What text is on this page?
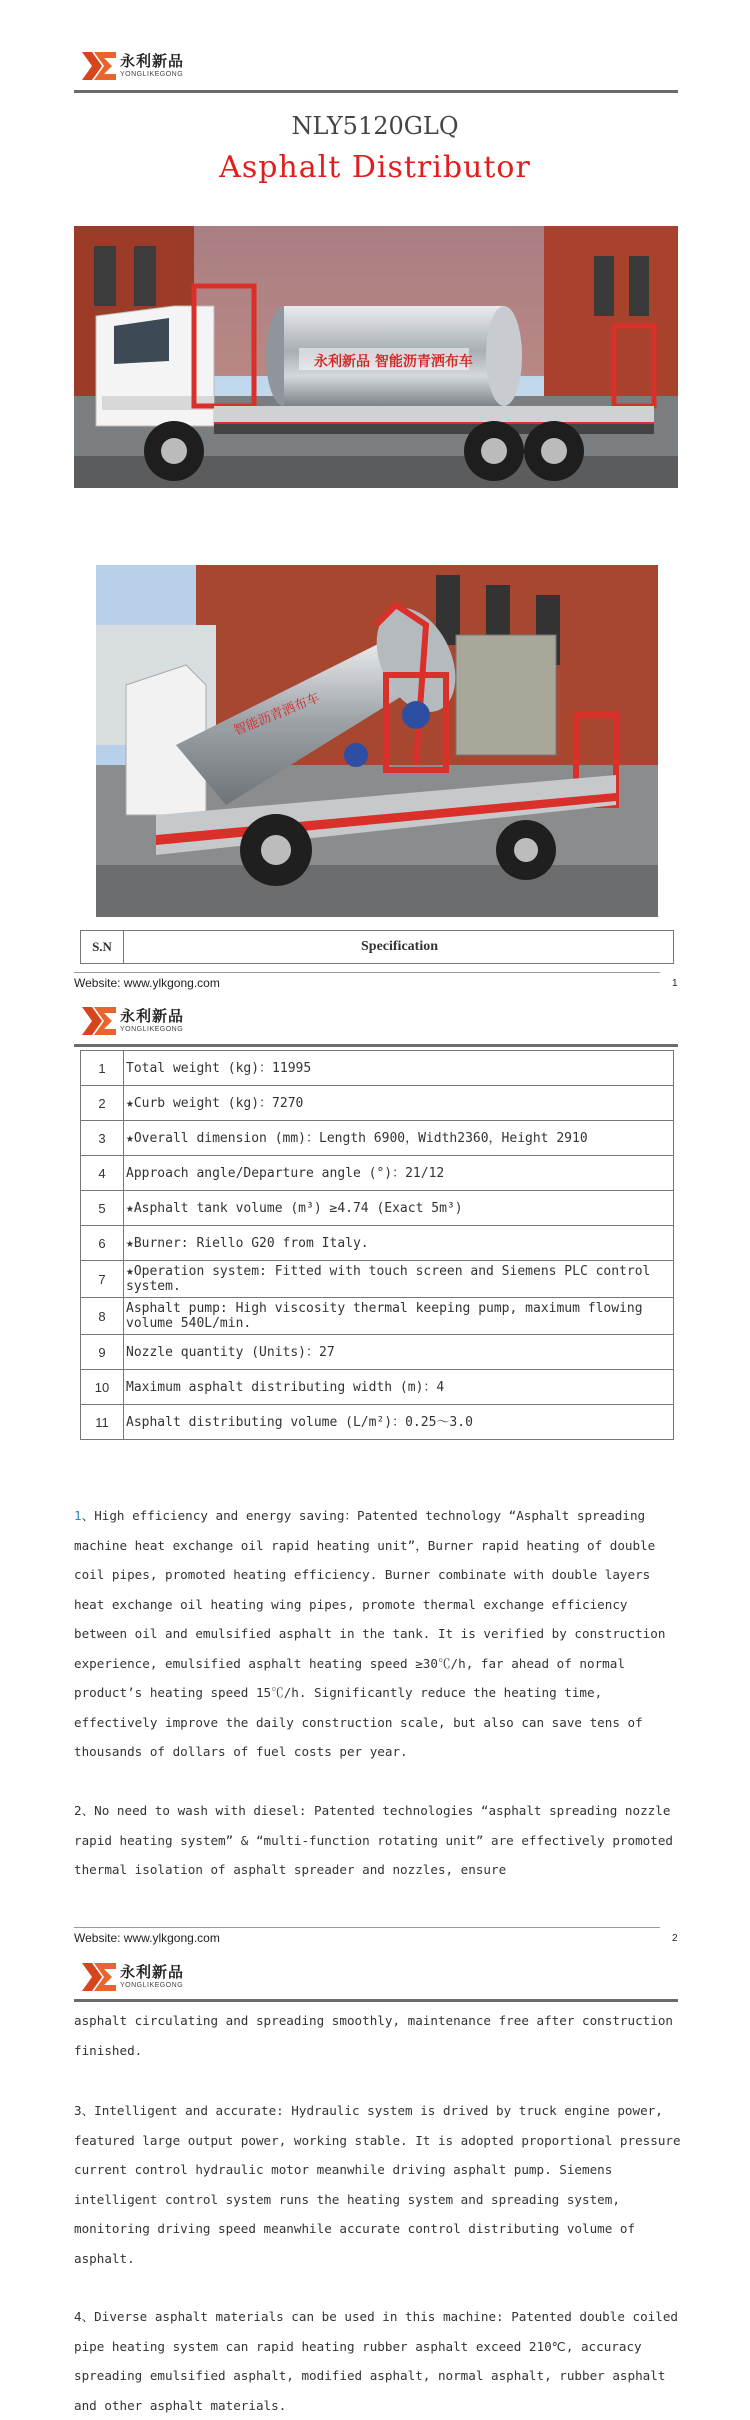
永利新品
YONGLIKEGONG
NLY5120GLQ
Asphalt Distributor
永利新品 智能沥青洒布车
智能沥青洒布车
S.N	Specification
Website: www.ylkgong.com	1
永利新品
YONGLIKEGONG
1	Total weight (kg)：11995
2	★Curb weight (kg)：7270
3	★Overall dimension (mm)：Length 6900，Width2360，Height 2910
4	Approach angle/Departure angle (°)：21/12
5	★Asphalt tank volume (m³) ≥4.74 (Exact 5m³)
6	★Burner: Riello G20 from Italy.
7	★Operation system: Fitted with touch screen and Siemens PLC control system.
8	Asphalt pump: High viscosity thermal keeping pump, maximum flowing volume 540L/min.
9	Nozzle quantity (Units)：27
10	Maximum asphalt distributing width (m)：4
11	Asphalt distributing volume (L/m²)：0.25～3.0

1、High efficiency and energy saving：Patented technology “Asphalt spreading machine heat exchange oil rapid heating unit”，Burner rapid heating of double coil pipes, promoted heating efficiency. Burner combinate with double layers heat exchange oil heating wing pipes, promote thermal exchange efficiency between oil and emulsified asphalt in the tank. It is verified by construction experience, emulsified asphalt heating speed ≥30℃/h, far ahead of normal product’s heating speed 15℃/h. Significantly reduce the heating time, effectively improve the daily construction scale, but also can save tens of thousands of dollars of fuel costs per year.

2、No need to wash with diesel: Patented technologies “asphalt spreading nozzle rapid heating system” & “multi-function rotating unit” are effectively promoted thermal isolation of asphalt spreader and nozzles, ensure

Website: www.ylkgong.com	2
永利新品
YONGLIKEGONG

asphalt circulating and spreading smoothly, maintenance free after construction finished.

3、Intelligent and accurate: Hydraulic system is drived by truck engine power, featured large output power, working stable. It is adopted proportional pressure current control hydraulic motor meanwhile driving asphalt pump. Siemens intelligent control system runs the heating system and spreading system, monitoring driving speed meanwhile accurate control distributing volume of asphalt.

4、Diverse asphalt materials can be used in this machine: Patented double coiled pipe heating system can rapid heating rubber asphalt exceed 210℃, accuracy spreading emulsified asphalt, modified asphalt, normal asphalt, rubber asphalt and other asphalt materials.
